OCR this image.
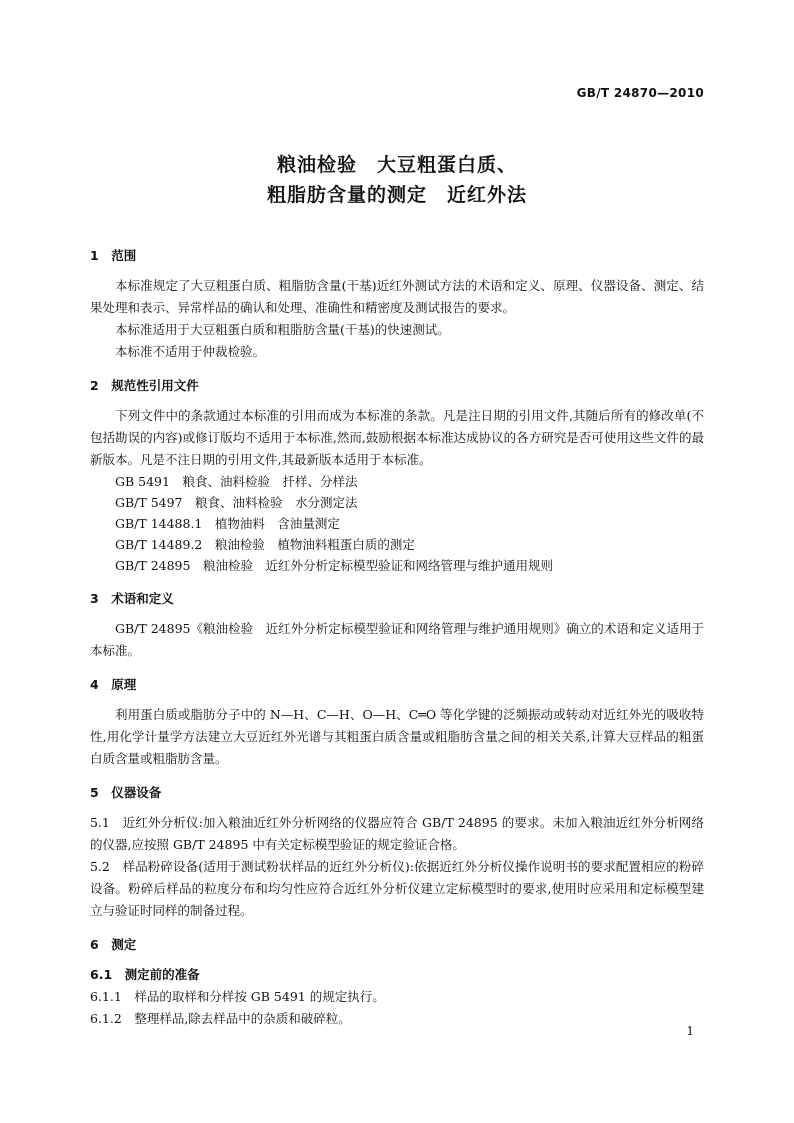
GB/T 24870—2010
粮油检验　大豆粗蛋白质、
粗脂肪含量的测定　近红外法
1　范围

本标准规定了大豆粗蛋白质、粗脂肪含量(干基)近红外测试方法的术语和定义、原理、仪器设备、测定、结果处理和表示、异常样品的确认和处理、准确性和精密度及测试报告的要求。

本标准适用于大豆粗蛋白质和粗脂肪含量(干基)的快速测试。

本标准不适用于仲裁检验。

2　规范性引用文件

下列文件中的条款通过本标准的引用而成为本标准的条款。凡是注日期的引用文件,其随后所有的修改单(不包括勘误的内容)或修订版均不适用于本标准,然而,鼓励根据本标准达成协议的各方研究是否可使用这些文件的最新版本。凡是不注日期的引用文件,其最新版本适用于本标准。

GB 5491　粮食、油料检验　扦样、分样法

GB/T 5497　粮食、油料检验　水分测定法

GB/T 14488.1　植物油料　含油量测定

GB/T 14489.2　粮油检验　植物油料粗蛋白质的测定

GB/T 24895　粮油检验　近红外分析定标模型验证和网络管理与维护通用规则

3　术语和定义

GB/T 24895《粮油检验　近红外分析定标模型验证和网络管理与维护通用规则》确立的术语和定义适用于本标准。

4　原理

利用蛋白质或脂肪分子中的 N—H、C—H、O—H、C═O 等化学键的泛频振动或转动对近红外光的吸收特性,用化学计量学方法建立大豆近红外光谱与其粗蛋白质含量或粗脂肪含量之间的相关关系,计算大豆样品的粗蛋白质含量或粗脂肪含量。

5　仪器设备

5.1　近红外分析仪:加入粮油近红外分析网络的仪器应符合 GB/T 24895 的要求。未加入粮油近红外分析网络的仪器,应按照 GB/T 24895 中有关定标模型验证的规定验证合格。

5.2　样品粉碎设备(适用于测试粉状样品的近红外分析仪):依据近红外分析仪操作说明书的要求配置相应的粉碎设备。粉碎后样品的粒度分布和均匀性应符合近红外分析仪建立定标模型时的要求,使用时应采用和定标模型建立与验证时同样的制备过程。

6　测定
6.1　测定前的准备

6.1.1　样品的取样和分样按 GB 5491 的规定执行。

6.1.2　整理样品,除去样品中的杂质和破碎粒。

1
